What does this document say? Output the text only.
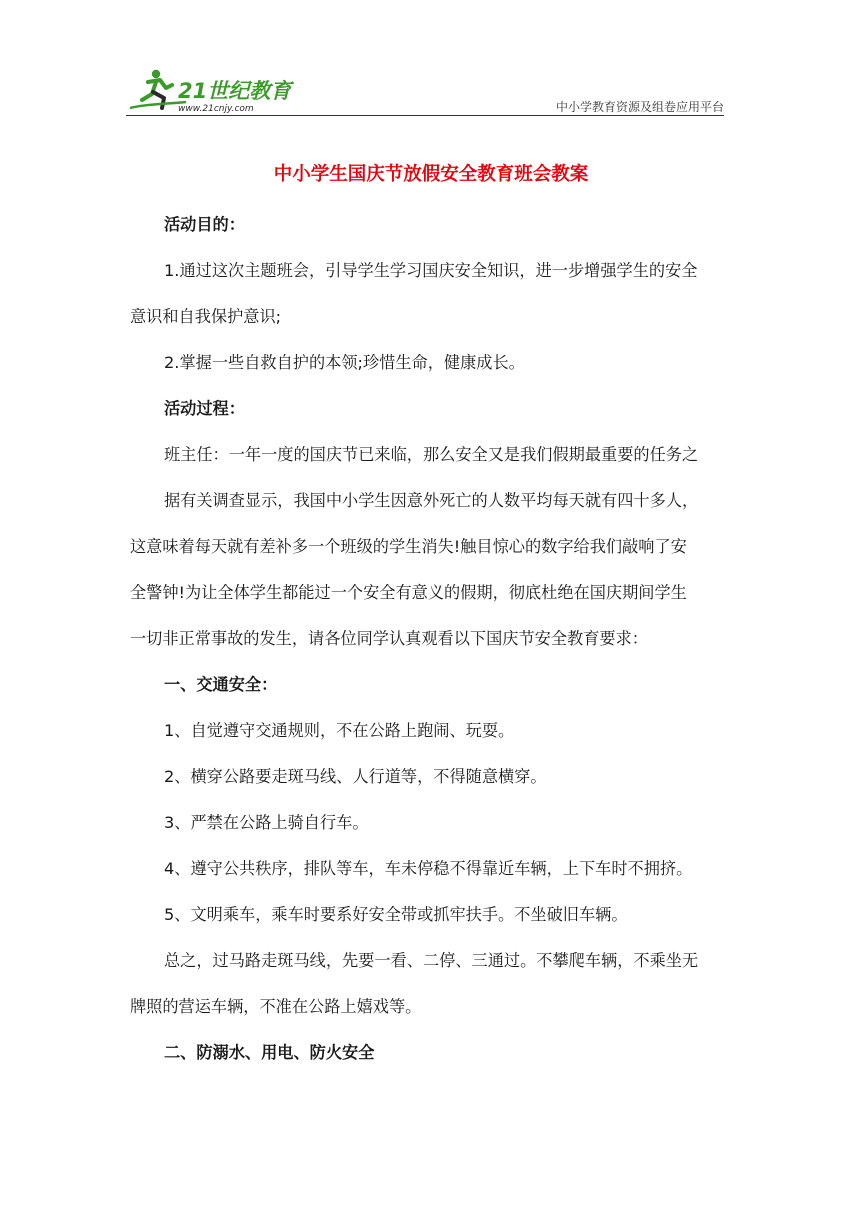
21世纪教育
www.21cnjy.com	中小学教育资源及组卷应用平台
中小学生国庆节放假安全教育班会教案

活动目的：

1.通过这次主题班会，引导学生学习国庆安全知识，进一步增强学生的安全

意识和自我保护意识;

2.掌握一些自救自护的本领;珍惜生命，健康成长。

活动过程：

班主任：一年一度的国庆节已来临，那么安全又是我们假期最重要的任务之

据有关调查显示，我国中小学生因意外死亡的人数平均每天就有四十多人，

这意味着每天就有差补多一个班级的学生消失!触目惊心的数字给我们敲响了安

全警钟!为让全体学生都能过一个安全有意义的假期，彻底杜绝在国庆期间学生

一切非正常事故的发生，请各位同学认真观看以下国庆节安全教育要求：

一、交通安全：

1、自觉遵守交通规则，不在公路上跑闹、玩耍。

2、横穿公路要走斑马线、人行道等，不得随意横穿。

3、严禁在公路上骑自行车。

4、遵守公共秩序，排队等车，车未停稳不得靠近车辆，上下车时不拥挤。

5、文明乘车，乘车时要系好安全带或抓牢扶手。不坐破旧车辆。

总之，过马路走斑马线，先要一看、二停、三通过。不攀爬车辆，不乘坐无

牌照的营运车辆，不准在公路上嬉戏等。

二、防溺水、用电、防火安全
